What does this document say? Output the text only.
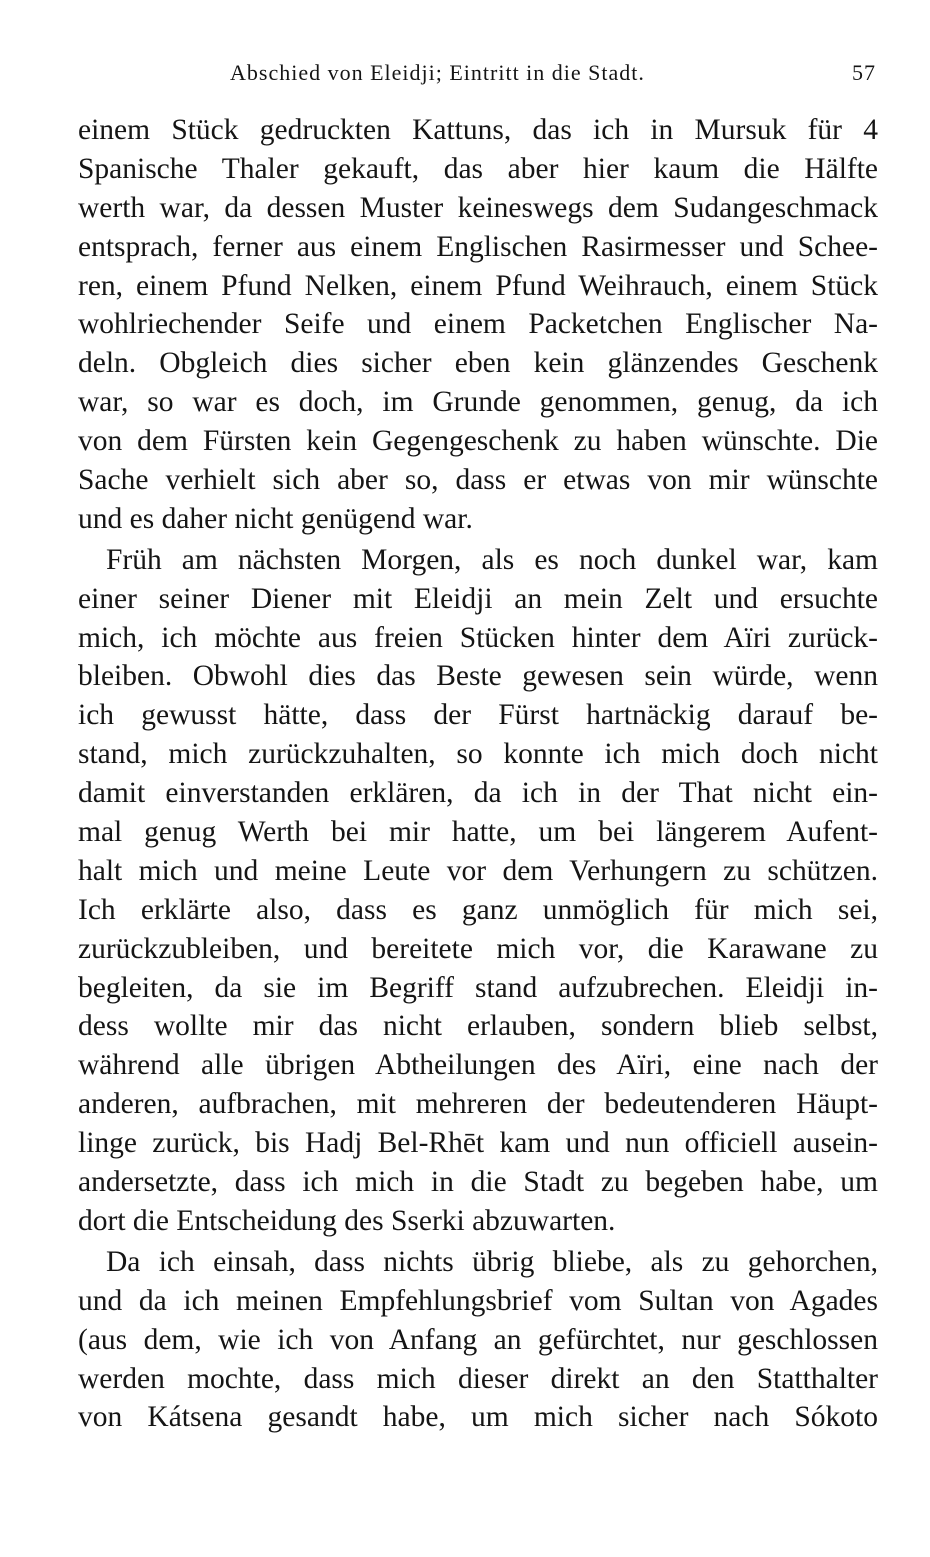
Abschied von Eleidji; Eintritt in die Stadt.	57
einem Stück gedruckten Kattuns, das ich in Mursuk für 4
Spanische Thaler gekauft, das aber hier kaum die Hälfte
werth war, da dessen Muster keineswegs dem Sudangeschmack
entsprach, ferner aus einem Englischen Rasirmesser und Schee-
ren, einem Pfund Nelken, einem Pfund Weihrauch, einem Stück
wohlriechender Seife und einem Packetchen Englischer Na-
deln. Obgleich dies sicher eben kein glänzendes Geschenk
war, so war es doch, im Grunde genommen, genug, da ich
von dem Fürsten kein Gegengeschenk zu haben wünschte. Die
Sache verhielt sich aber so, dass er etwas von mir wünschte
und es daher nicht genügend war.
Früh am nächsten Morgen, als es noch dunkel war, kam
einer seiner Diener mit Eleidji an mein Zelt und ersuchte
mich, ich möchte aus freien Stücken hinter dem Aïri zurück-
bleiben. Obwohl dies das Beste gewesen sein würde, wenn
ich gewusst hätte, dass der Fürst hartnäckig darauf be-
stand, mich zurückzuhalten, so konnte ich mich doch nicht
damit einverstanden erklären, da ich in der That nicht ein-
mal genug Werth bei mir hatte, um bei längerem Aufent-
halt mich und meine Leute vor dem Verhungern zu schützen.
Ich erklärte also, dass es ganz unmöglich für mich sei,
zurückzubleiben, und bereitete mich vor, die Karawane zu
begleiten, da sie im Begriff stand aufzubrechen. Eleidji in-
dess wollte mir das nicht erlauben, sondern blieb selbst,
während alle übrigen Abtheilungen des Aïri, eine nach der
anderen, aufbrachen, mit mehreren der bedeutenderen Häupt-
linge zurück, bis Hadj Bel-Rhēt kam und nun officiell ausein-
andersetzte, dass ich mich in die Stadt zu begeben habe, um
dort die Entscheidung des Sserki abzuwarten.
Da ich einsah, dass nichts übrig bliebe, als zu gehorchen,
und da ich meinen Empfehlungsbrief vom Sultan von Agades
(aus dem, wie ich von Anfang an gefürchtet, nur geschlossen
werden mochte, dass mich dieser direkt an den Statthalter
von Kátsena gesandt habe, um mich sicher nach Sókoto
